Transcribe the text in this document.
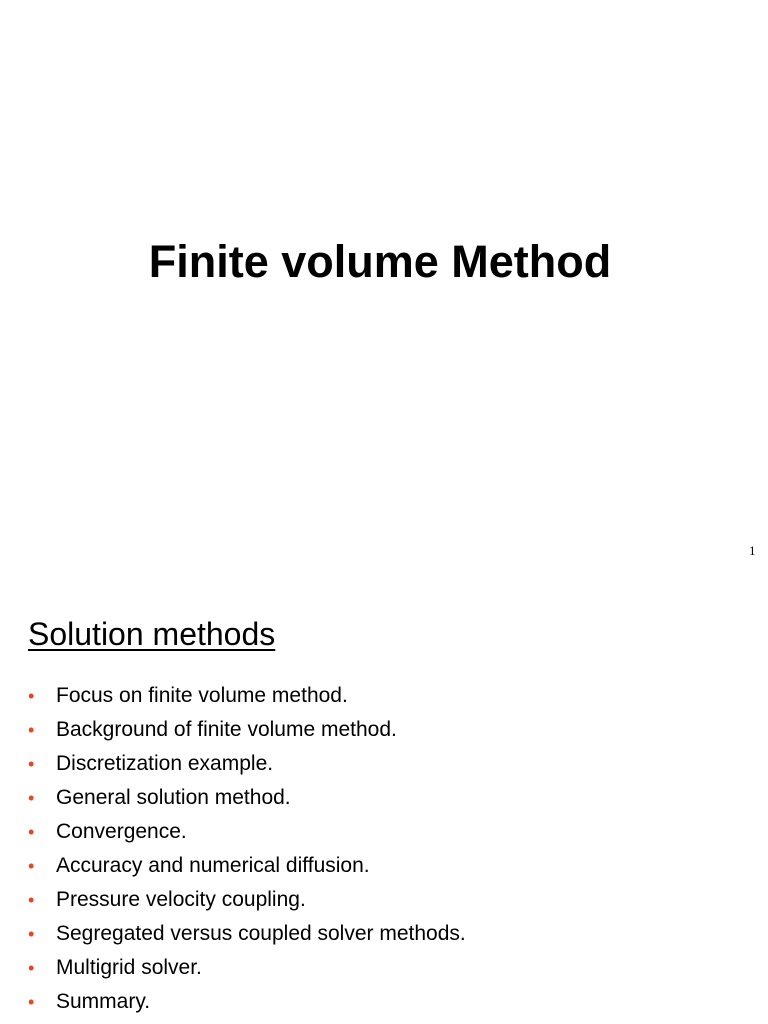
Finite volume Method
1
Solution methods
• Focus on finite volume method.
• Background of finite volume method.
• Discretization example.
• General solution method.
• Convergence.
• Accuracy and numerical diffusion.
• Pressure velocity coupling.
• Segregated versus coupled solver methods.
• Multigrid solver.
• Summary.
